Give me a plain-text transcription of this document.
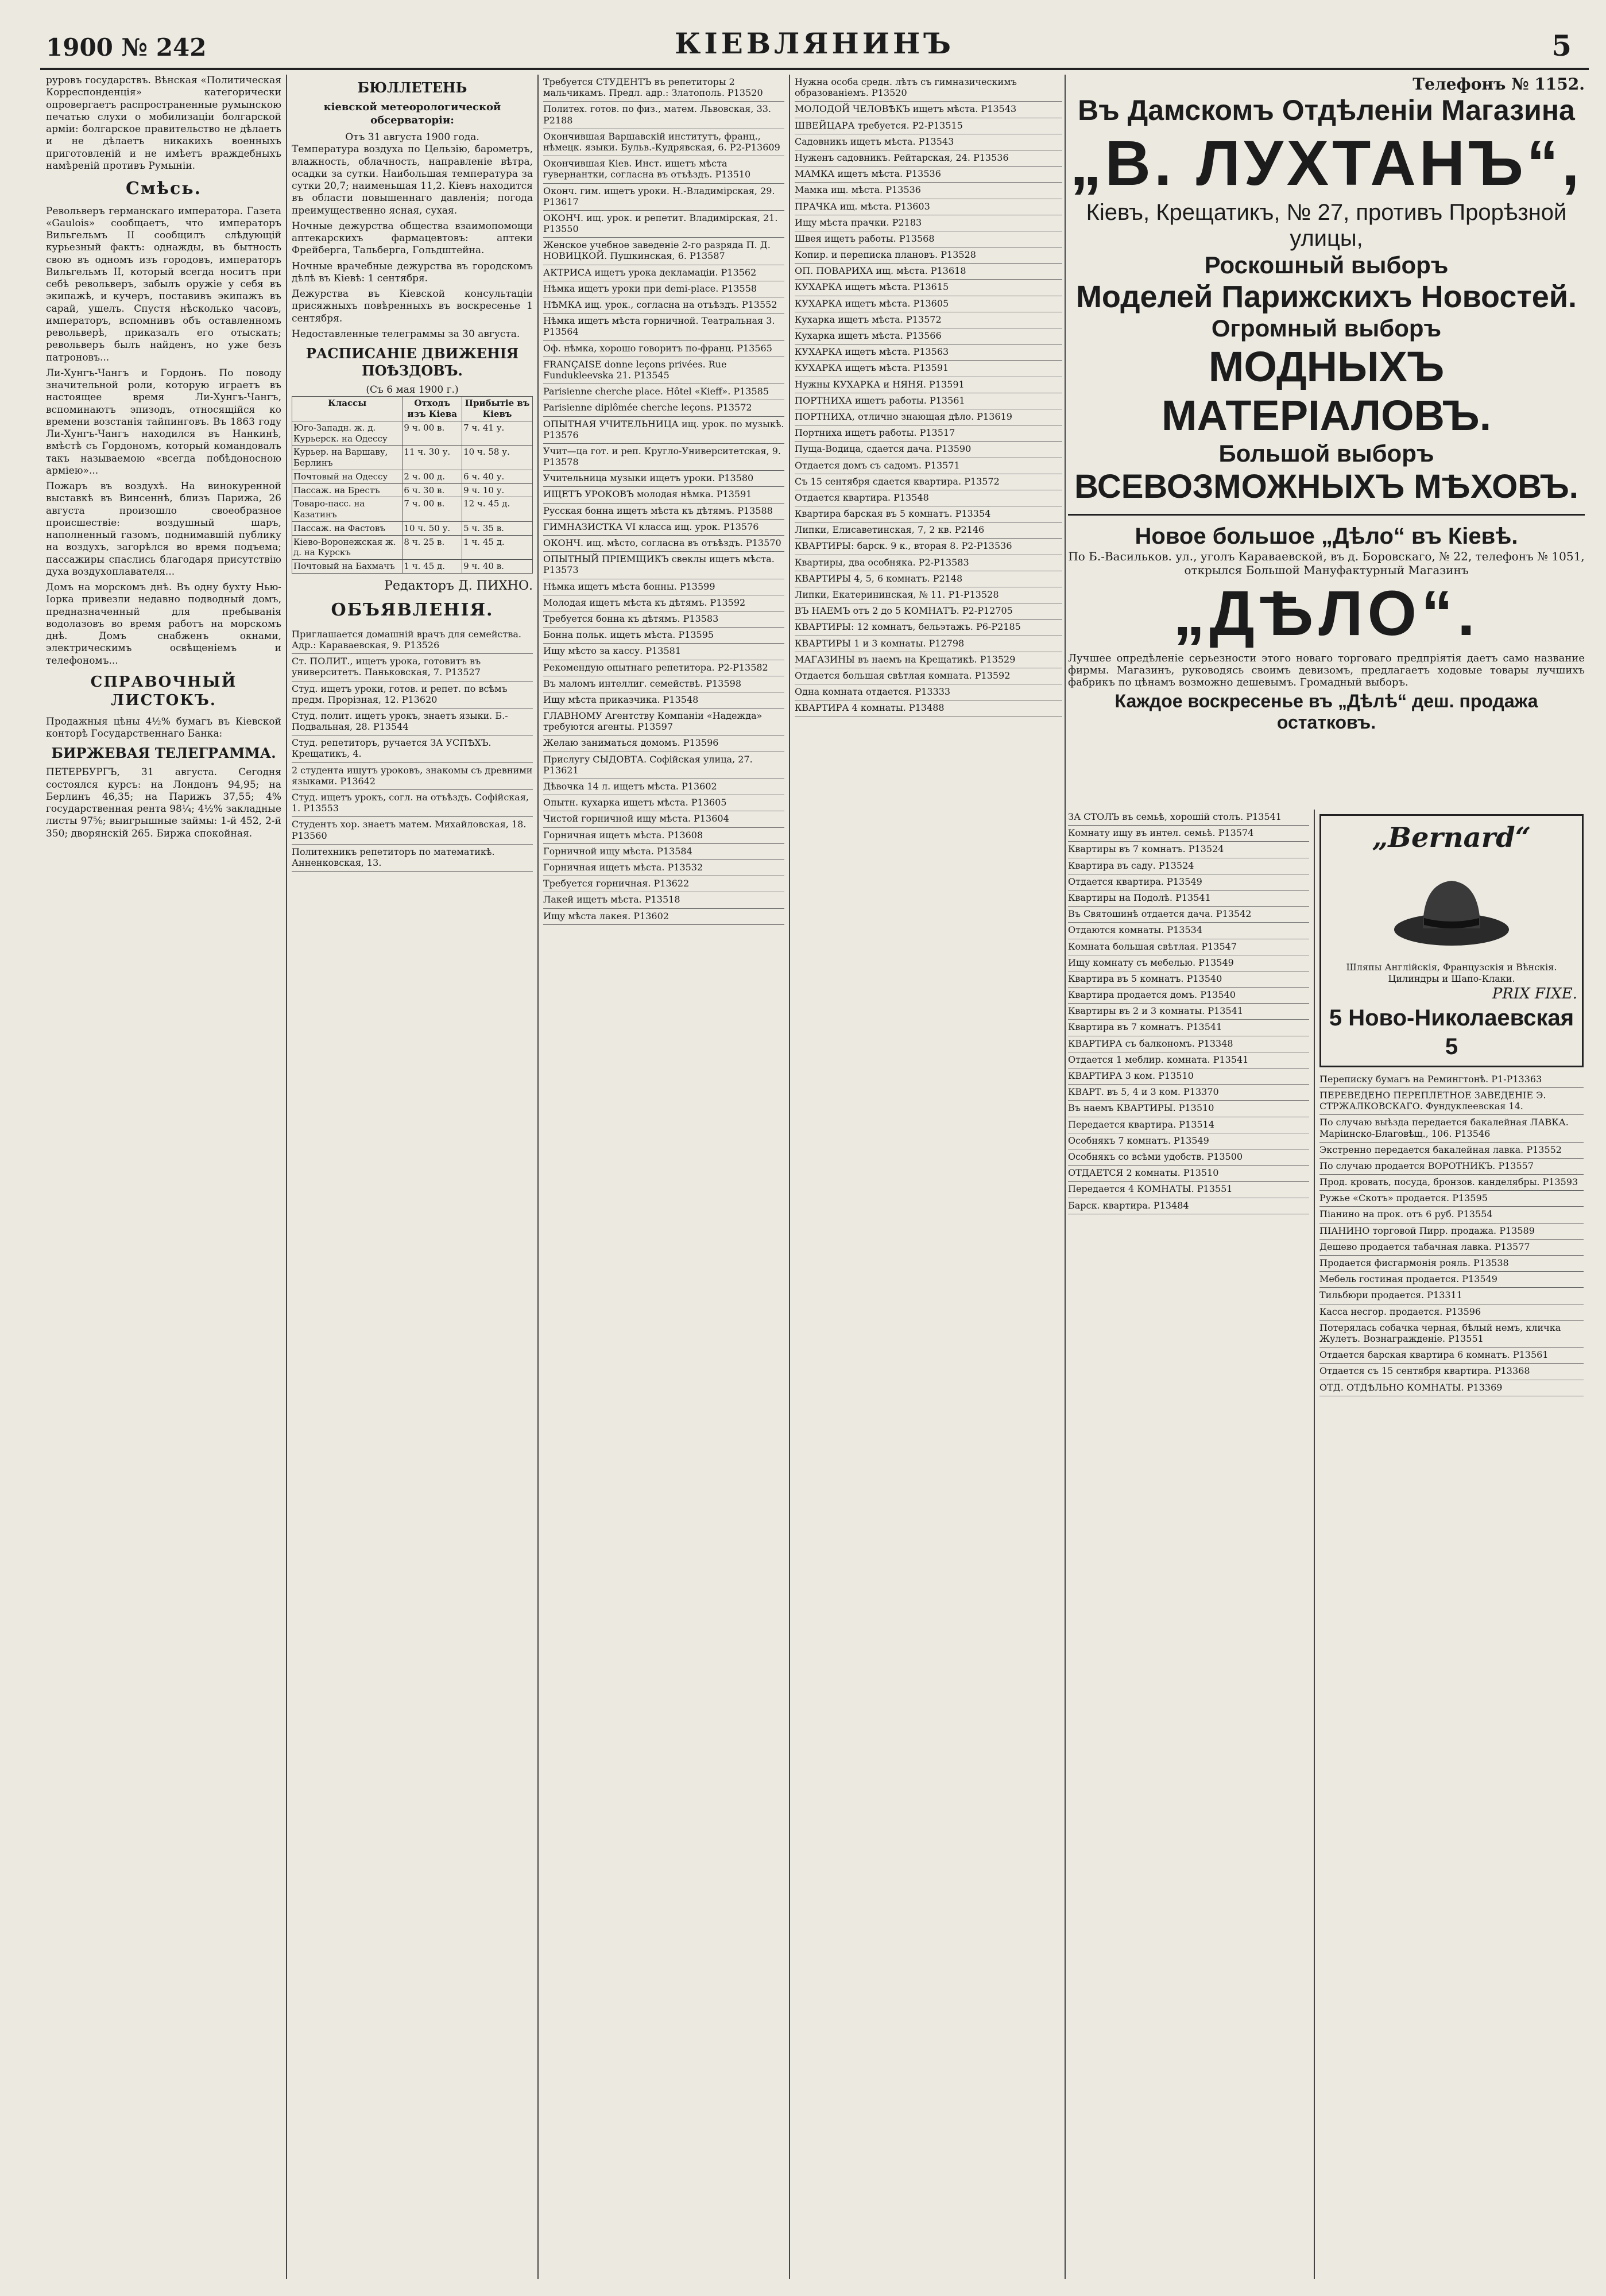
1900 № 242	КІЕВЛЯНИНЪ	5

руровъ государствъ. Вѣнская «Политическая Корреспонденція» категорически опровергаетъ распространенные румынскою печатью слухи о мобилизаціи болгарской арміи: болгарское правительство не дѣлаетъ и не дѣлаетъ никакихъ военныхъ приготовленій и не имѣетъ враждебныхъ намѣреній противъ Румыніи.

Смѣсь.

Револьверъ германскаго императора. Газета «Gaulois» сообщаетъ, что императоръ Вильгельмъ II сообщилъ слѣдующій курьезный фактъ: однажды, въ бытность свою въ одномъ изъ городовъ, императоръ Вильгельмъ II, который всегда носитъ при себѣ револьверъ, забылъ оружіе у себя въ экипажѣ, и кучеръ, поставивъ экипажъ въ сарай, ушелъ. Спустя нѣсколько часовъ, императоръ, вспомнивъ объ оставленномъ револьверѣ, приказалъ его отыскать; револьверъ былъ найденъ, но уже безъ патроновъ...

Ли-Хунгъ-Чангъ и Гордонъ. По поводу значительной роли, которую играетъ въ настоящее время Ли-Хунгъ-Чангъ, вспоминаютъ эпизодъ, относящійся ко времени возстанія тайпинговъ. Въ 1863 году Ли-Хунгъ-Чангъ находился въ Нанкинѣ, вмѣстѣ съ Гордономъ, который командовалъ такъ называемою «всегда побѣдоносною арміею»...

Пожаръ въ воздухѣ. На винокуренной выставкѣ въ Винсеннѣ, близъ Парижа, 26 августа произошло своеобразное происшествіе: воздушный шаръ, наполненный газомъ, поднимавшій публику на воздухъ, загорѣлся во время подъема; пассажиры спаслись благодаря присутствію духа воздухоплавателя...

Домъ на морскомъ днѣ. Въ одну бухту Нью-Іорка привезли недавно подводный домъ, предназначенный для пребыванія водолазовъ во время работъ на морскомъ днѣ. Домъ снабженъ окнами, электрическимъ освѣщеніемъ и телефономъ...

СПРАВОЧНЫЙ ЛИСТОКЪ.

Продажныя цѣны 4½% бумагъ въ Кіевской конторѣ Государственнаго Банка:

БИРЖЕВАЯ ТЕЛЕГРАММА.

ПЕТЕРБУРГЪ, 31 августа. Сегодня состоялся курсъ: на Лондонъ 94,95; на Берлинъ 46,35; на Парижъ 37,55; 4% государственная рента 98¼; 4½% закладные листы 97⅝; выигрышные займы: 1-й 452, 2-й 350; дворянскій 265. Биржа спокойная.

БЮЛЛЕТЕНЬ
кіевской метеорологической обсерваторіи:
Отъ 31 августа 1900 года.

Температура воздуха по Цельзію, барометръ, влажность, облачность, направленіе вѣтра, осадки за сутки. Наибольшая температура за сутки 20,7; наименьшая 11,2. Кіевъ находится въ области повышеннаго давленія; погода преимущественно ясная, сухая.

Ночные дежурства общества взаимопомощи аптекарскихъ фармацевтовъ: аптеки Фрейберга, Тальберга, Гольдштейна.

Ночные врачебные дежурства въ городскомъ дѣлѣ въ Кіевѣ: 1 сентября.

Дежурства въ Кіевской консультаціи присяжныхъ повѣренныхъ въ воскресенье 1 сентября.

Недоставленные телеграммы за 30 августа.

РАСПИСАНІЕ ДВИЖЕНІЯ ПОѢЗДОВЪ.
(Съ 6 мая 1900 г.)
Классы	Отходъ изъ Кіева	Прибытіе въ Кіевъ
Юго-Западн. ж. д. Курьерск. на Одессу	9 ч. 00 в.	7 ч. 41 у.
Курьер. на Варшаву, Берлинъ	11 ч. 30 у.	10 ч. 58 у.
Почтовый на Одессу	2 ч. 00 д.	6 ч. 40 у.
Пассаж. на Брестъ	6 ч. 30 в.	9 ч. 10 у.
Товаро-пасс. на Казатинъ	7 ч. 00 в.	12 ч. 45 д.
Пассаж. на Фастовъ	10 ч. 50 у.	5 ч. 35 в.
Кіево-Воронежская ж. д. на Курскъ	8 ч. 25 в.	1 ч. 45 д.
Почтовый на Бахмачъ	1 ч. 45 д.	9 ч. 40 в.
Редакторъ Д. ПИХНО.
ОБЪЯВЛЕНІЯ.
Приглашается домашній врачъ для семейства. Адр.: Караваевская, 9. Р13526
Ст. ПОЛИТ., ищетъ урока, готовитъ въ университетъ. Паньковская, 7. Р13527
Студ. ищетъ уроки, готов. и репет. по всѣмъ предм. Прорізная, 12. Р13620
Студ. полит. ищетъ урокъ, знаетъ языки. Б.-Подвальная, 28. Р13544
Студ. репетиторъ, ручается ЗА УСПѢХЪ. Крещатикъ, 4.
2 студента ищутъ уроковъ, знакомы съ древними языками. Р13642
Студ. ищетъ урокъ, согл. на отъѣздъ. Софійская, 1. Р13553
Студентъ хор. знаетъ матем. Михайловская, 18. Р13560
Политехникъ репетиторъ по математикѣ. Анненковская, 13.
Требуется СТУДЕНТЪ въ репетиторы 2 мальчикамъ. Предл. адр.: Златополь. Р13520
Политех. готов. по физ., матем. Львовская, 33. Р2188
Окончившая Варшавскій институтъ, франц., нѣмецк. языки. Бульв.-Кудрявская, 6. Р2-Р13609
Окончившая Кіев. Инст. ищетъ мѣста гувернантки, согласна въ отъѣздъ. Р13510
Оконч. гим. ищетъ уроки. Н.-Владимірская, 29. Р13617
ОКОНЧ. ищ. урок. и репетит. Владимірская, 21. Р13550
Женское учебное заведеніе 2-го разряда П. Д. НОВИЦКОЙ. Пушкинская, 6. Р13587
АКТРИСА ищетъ урока декламаціи. Р13562
Нѣмка ищетъ уроки при demi-place. Р13558
НѢМКА ищ. урок., согласна на отъѣздъ. Р13552
Нѣмка ищетъ мѣста горничной. Театральная 3. Р13564
Оф. нѣмка, хорошо говоритъ по-франц. Р13565
FRANÇAISE donne leçons privées. Rue Fundukleevska 21. Р13545
Parisienne cherche place. Hôtel «Kieff». Р13585
Parisienne diplômée cherche leçons. Р13572
ОПЫТНАЯ УЧИТЕЛЬНИЦА ищ. урок. по музыкѣ. Р13576
Учит—ца гот. и реп. Кругло-Университетская, 9. Р13578
Учительница музыки ищетъ уроки. Р13580
ИЩЕТЪ УРОКОВЪ молодая нѣмка. Р13591
Русская бонна ищетъ мѣста къ дѣтямъ. Р13588
ГИМНАЗИСТКА VI класса ищ. урок. Р13576
ОКОНЧ. ищ. мѣсто, согласна въ отъѣздъ. Р13570
ОПЫТНЫЙ ПРІЕМЩИКЪ свеклы ищетъ мѣста. Р13573
Нѣмка ищетъ мѣста бонны. Р13599
Молодая ищетъ мѣста къ дѣтямъ. Р13592
Требуется бонна къ дѣтямъ. Р13583
Бонна польк. ищетъ мѣста. Р13595
Ищу мѣсто за кассу. Р13581
Рекомендую опытнаго репетитора. Р2-Р13582
Въ маломъ интеллиг. семействѣ. Р13598
Ищу мѣста приказчика. Р13548
ГЛАВНОМУ Агентству Компаніи «Надежда» требуются агенты. Р13597
Желаю заниматься домомъ. Р13596
Прислугу СЫДОВТА. Софійская улица, 27. Р13621
Дѣвочка 14 л. ищетъ мѣста. Р13602
Опытн. кухарка ищетъ мѣста. Р13605
Чистой горничной ищу мѣста. Р13604
Горничная ищетъ мѣста. Р13608
Горничной ищу мѣста. Р13584
Горничная ищетъ мѣста. Р13532
Требуется горничная. Р13622
Лакей ищетъ мѣста. Р13518
Ищу мѣста лакея. Р13602
Нужна особа средн. лѣтъ съ гимназическимъ образованіемъ. Р13520
МОЛОДОЙ ЧЕЛОВѢКЪ ищетъ мѣста. Р13543
ШВЕЙЦАРА требуется. Р2-Р13515
Садовникъ ищетъ мѣста. Р13543
Нуженъ садовникъ. Рейтарская, 24. Р13536
МАМКА ищетъ мѣста. Р13536
Мамка ищ. мѣста. Р13536
ПРАЧКА ищ. мѣста. Р13603
Ищу мѣста прачки. Р2183
Швея ищетъ работы. Р13568
Копир. и переписка плановъ. Р13528
ОП. ПОВАРИХА ищ. мѣста. Р13618
КУХАРКА ищетъ мѣста. Р13615
КУХАРКА ищетъ мѣста. Р13605
Кухарка ищетъ мѣста. Р13572
Кухарка ищетъ мѣста. Р13566
КУХАРКА ищетъ мѣста. Р13563
КУХАРКА ищетъ мѣста. Р13591
Нужны КУХАРКА и НЯНЯ. Р13591
ПОРТНИХА ищетъ работы. Р13561
ПОРТНИХА, отлично знающая дѣло. Р13619
Портниха ищетъ работы. Р13517
Пуща-Водица, сдается дача. Р13590
Отдается домъ съ садомъ. Р13571
Съ 15 сентября сдается квартира. Р13572
Отдается квартира. Р13548
Квартира барская въ 5 комнатъ. Р13354
Липки, Елисаветинская, 7, 2 кв. Р2146
КВАРТИРЫ: барск. 9 к., вторая 8. Р2-Р13536
Квартиры, два особняка. Р2-Р13583
КВАРТИРЫ 4, 5, 6 комнатъ. Р2148
Липки, Екатерининская, № 11. Р1-Р13528
ВЪ НАЕМЪ отъ 2 до 5 КОМНАТЪ. Р2-Р12705
КВАРТИРЫ: 12 комнатъ, бельэтажъ. Р6-Р2185
КВАРТИРЫ 1 и 3 комнаты. Р12798
МАГАЗИНЫ въ наемъ на Крещатикѣ. Р13529
Отдается большая свѣтлая комната. Р13592
Одна комната отдается. Р13333
КВАРТИРА 4 комнаты. Р13488
Телефонъ № 1152.
Въ Дамскомъ Отдѣленіи Магазина
„В. ЛУХТАНЪ“,
Кіевъ, Крещатикъ, № 27, противъ Прорѣзной улицы,
Роскошный выборъ
Моделей Парижскихъ Новостей.
Огромный выборъ
МОДНЫХЪ МАТЕРІАЛОВЪ.
Большой выборъ
ВСЕВОЗМОЖНЫХЪ МѢХОВЪ.
Новое большое „Дѣло“ въ Кіевѣ.
По Б.-Васильков. ул., уголъ Караваевской, въ д. Боровскаго, № 22, телефонъ № 1051, открылся Большой Мануфактурный Магазинъ
„ДѢЛО“.

Лучшее опредѣленіе серьезности этого новаго торговаго предпріятія даетъ само название фирмы. Магазинъ, руководясь своимъ девизомъ, предлагаетъ ходовые товары лучшихъ фабрикъ по цѣнамъ возможно дешевымъ. Громадный выборъ.

Каждое воскресенье въ „Дѣлѣ“ деш. продажа остатковъ.
ЗА СТОЛЪ въ семьѣ, хорошій столъ. Р13541
Комнату ищу въ интел. семьѣ. Р13574
Квартиры въ 7 комнатъ. Р13524
Квартира въ саду. Р13524
Отдается квартира. Р13549
Квартиры на Подолѣ. Р13541
Въ Святошинѣ отдается дача. Р13542
Отдаются комнаты. Р13534
Комната большая свѣтлая. Р13547
Ищу комнату съ мебелью. Р13549
Квартира въ 5 комнатъ. Р13540
Квартира продается домъ. Р13540
Квартиры въ 2 и 3 комнаты. Р13541
Квартира въ 7 комнатъ. Р13541
КВАРТИРА съ балкономъ. Р13348
Отдается 1 меблир. комната. Р13541
КВАРТИРА 3 ком. Р13510
КВАРТ. въ 5, 4 и 3 ком. Р13370
Въ наемъ КВАРТИРЫ. Р13510
Передается квартира. Р13514
Особнякъ 7 комнатъ. Р13549
Особнякъ со всѣми удобств. Р13500
ОТДАЕТСЯ 2 комнаты. Р13510
Передается 4 КОМНАТЫ. Р13551
Барск. квартира. Р13484
„Bernard“
Шляпы Англійскія, Французскія и Вѣнскія. Цилиндры и Шапо-Клаки.
PRIX FIXE.
5 Ново-Николаевская 5
Переписку бумагъ на Ремингтонѣ. Р1-Р13363
ПЕРЕВЕДЕНО ПЕРЕПЛЕТНОЕ ЗАВЕДЕНІЕ Э. СТРЖАЛКОВСКАГО. Фундуклеевская 14.
По случаю выѣзда передается бакалейная ЛАВКА. Маріинско-Благовѣщ., 106. Р13546
Экстренно передается бакалейная лавка. Р13552
По случаю продается ВОРОТНИКЪ. Р13557
Прод. кровать, посуда, бронзов. канделябры. Р13593
Ружье «Скотъ» продается. Р13595
Піанино на прок. отъ 6 руб. Р13554
ПІАНИНО торговой Пирр. продажа. Р13589
Дешево продается табачная лавка. Р13577
Продается фисгармонія рояль. Р13538
Мебель гостиная продается. Р13549
Тильбюри продается. Р13311
Касса несгор. продается. Р13596
Потерялась собачка черная, бѣлый немъ, кличка Жулетъ. Вознагражденіе. Р13551
Отдается барская квартира 6 комнатъ. Р13561
Отдается съ 15 сентября квартира. Р13368
ОТД. ОТДѢЛЬНО КОМНАТЫ. Р13369
